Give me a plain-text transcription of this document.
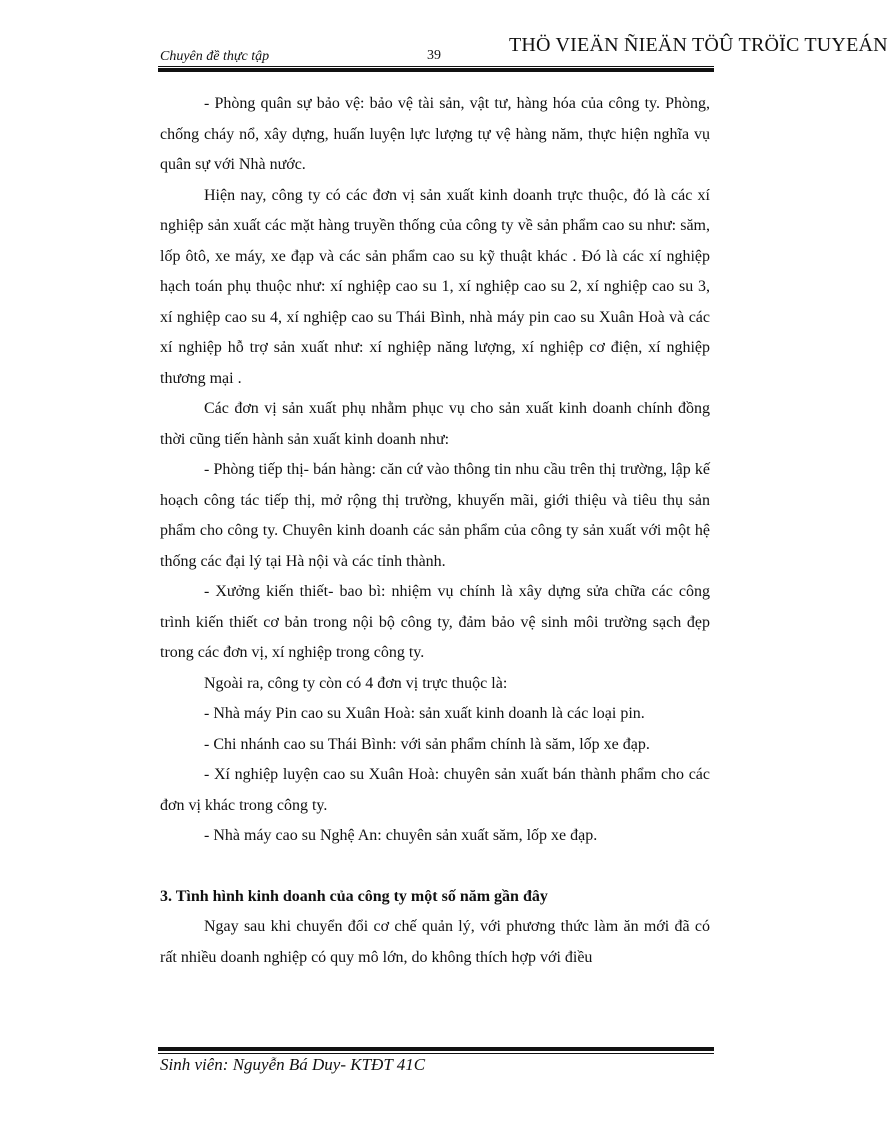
Chuyên đề thực tập	39	THÖ VIEÄN ÑIEÄN TÖÛ TRÖÏC TUYEÁN

- Phòng quân sự bảo vệ: bảo vệ tài sản, vật tư, hàng hóa của công ty. Phòng, chống cháy nổ, xây dựng, huấn luyện lực lượng tự vệ hàng năm, thực hiện nghĩa vụ quân sự với Nhà nước.

Hiện nay, công ty có các đơn vị sản xuất kinh doanh trực thuộc, đó là các xí nghiệp sản xuất các mặt hàng truyền thống của công ty về sản phẩm cao su như: săm, lốp ôtô, xe máy, xe đạp và các sản phẩm cao su kỹ thuật khác . Đó là các xí nghiệp hạch toán phụ thuộc như: xí nghiệp cao su 1, xí nghiệp cao su 2, xí nghiệp cao su 3, xí nghiệp cao su 4, xí nghiệp cao su Thái Bình, nhà máy pin cao su Xuân Hoà và các xí nghiệp hỗ trợ sản xuất như: xí nghiệp năng lượng, xí nghiệp cơ điện, xí nghiệp thương mại .

Các đơn vị sản xuất phụ nhằm phục vụ cho sản xuất kinh doanh chính đồng thời cũng tiến hành sản xuất kinh doanh như:

- Phòng tiếp thị- bán hàng: căn cứ vào thông tin nhu cầu trên thị trường, lập kế hoạch công tác tiếp thị, mở rộng thị trường, khuyến mãi, giới thiệu và tiêu thụ sản phẩm cho công ty. Chuyên kinh doanh các sản phẩm của công ty sản xuất với một hệ thống các đại lý tại Hà nội và các tỉnh thành.

- Xưởng kiến thiết- bao bì: nhiệm vụ chính là xây dựng sửa chữa các công trình kiến thiết cơ bản trong nội bộ công ty, đảm bảo vệ sinh môi trường sạch đẹp trong các đơn vị, xí nghiệp trong công ty.

Ngoài ra, công ty còn có 4 đơn vị trực thuộc là:

- Nhà máy Pin cao su Xuân Hoà: sản xuất kinh doanh là các loại pin.

- Chi nhánh cao su Thái Bình: với sản phẩm chính là săm, lốp xe đạp.

- Xí nghiệp luyện cao su Xuân Hoà: chuyên sản xuất bán thành phẩm cho các đơn vị khác trong công ty.

- Nhà máy cao su Nghệ An: chuyên sản xuất săm, lốp xe đạp.

3. Tình hình kinh doanh của công ty một số năm gần đây

Ngay sau khi chuyển đổi cơ chế quản lý, với phương thức làm ăn mới đã có rất nhiều doanh nghiệp có quy mô lớn, do không thích hợp với điều

Sinh viên: Nguyễn Bá Duy- KTĐT 41C
